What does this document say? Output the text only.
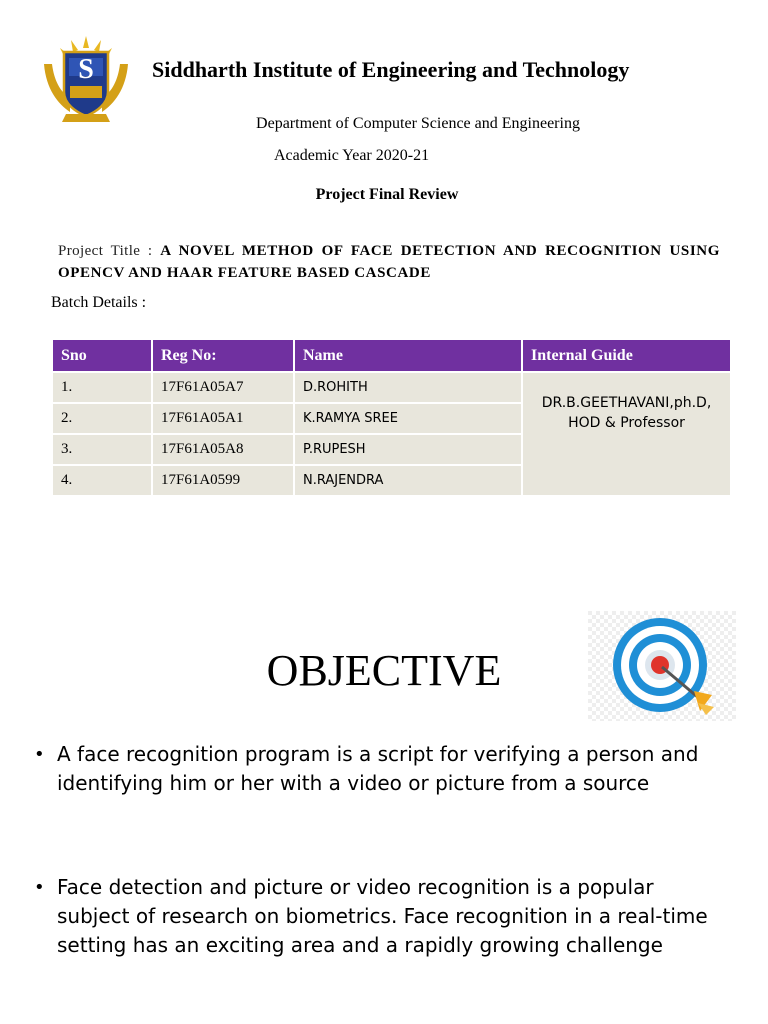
S	Siddharth Institute of Engineering and Technology
Department of Computer Science and Engineering
Academic Year 2020-21
Project Final Review
Project Title : A NOVEL METHOD OF FACE DETECTION AND RECOGNITION USING OPENCV AND HAAR FEATURE BASED CASCADE
Batch Details :
Sno	Reg No:	Name	Internal Guide
1.	17F61A05A7	D.ROHITH	DR.B.GEETHAVANI,ph.D,
HOD & Professor
2.	17F61A05A1	K.RAMYA SREE	
3.	17F61A05A8	P.RUPESH	
4.	17F61A0599	N.RAJENDRA	
OBJECTIVE
• A face recognition program is a script for verifying a person and identifying him or her with a video or picture from a source
• Face detection and picture or video recognition is a popular subject of research on biometrics. Face recognition in a real-time setting has an exciting area and a rapidly growing challenge
